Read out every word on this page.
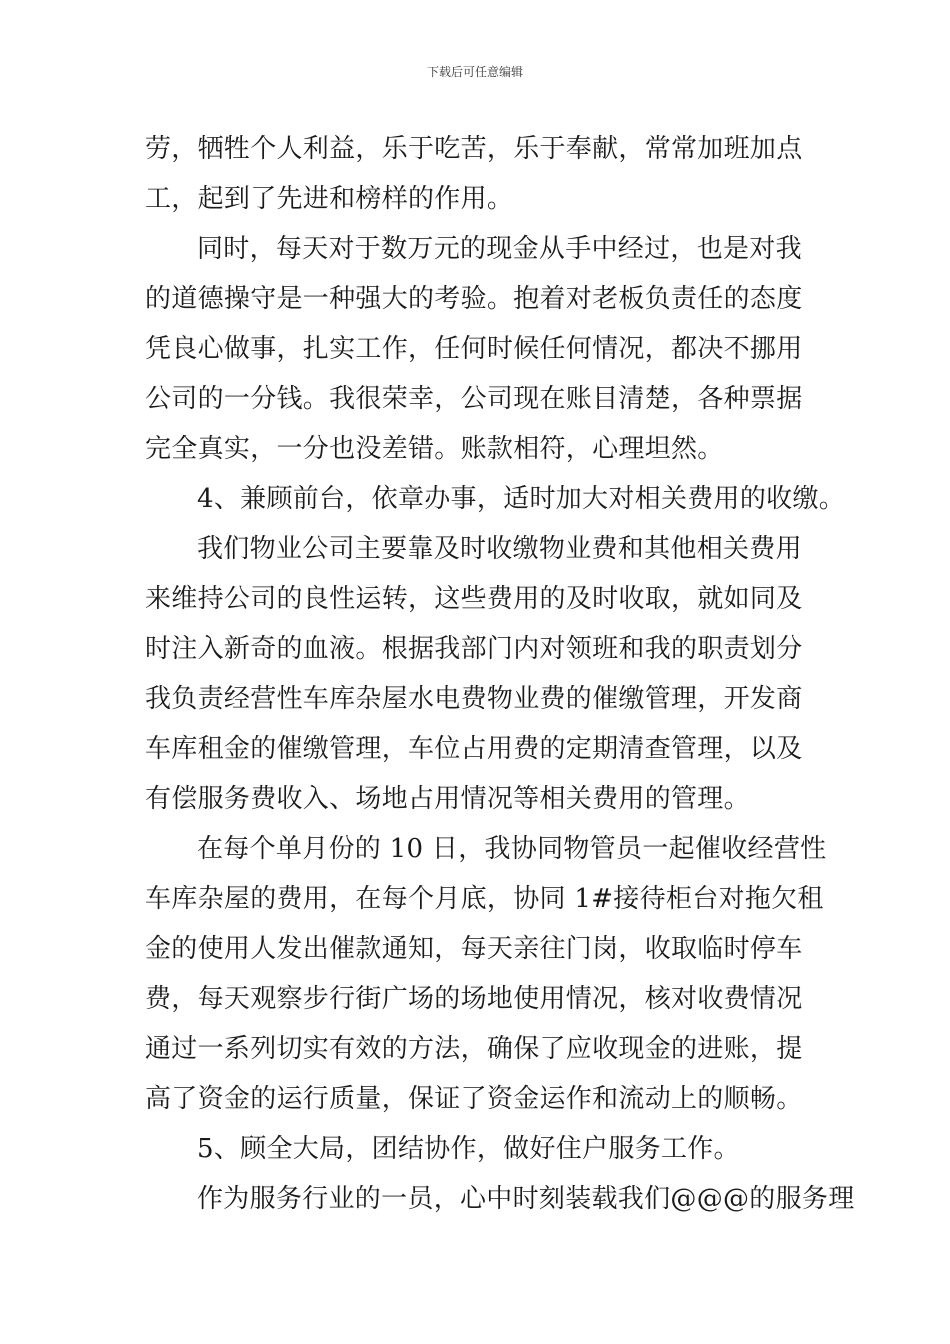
下载后可任意编辑
劳，牺牲个人利益，乐于吃苦，乐于奉献，常常加班加点
工，起到了先进和榜样的作用。
同时，每天对于数万元的现金从手中经过，也是对我
的道德操守是一种强大的考验。抱着对老板负责任的态度
凭良心做事，扎实工作，任何时候任何情况，都决不挪用
公司的一分钱。我很荣幸，公司现在账目清楚，各种票据
完全真实，一分也没差错。账款相符，心理坦然。
4、兼顾前台，依章办事，适时加大对相关费用的收缴。
我们物业公司主要靠及时收缴物业费和其他相关费用
来维持公司的良性运转，这些费用的及时收取，就如同及
时注入新奇的血液。根据我部门内对领班和我的职责划分
我负责经营性车库杂屋水电费物业费的催缴管理，开发商
车库租金的催缴管理，车位占用费的定期清查管理，以及
有偿服务费收入、场地占用情况等相关费用的管理。
在每个单月份的 10 日，我协同物管员一起催收经营性
车库杂屋的费用，在每个月底，协同 1#接待柜台对拖欠租
金的使用人发出催款通知，每天亲往门岗，收取临时停车
费，每天观察步行街广场的场地使用情况，核对收费情况
通过一系列切实有效的方法，确保了应收现金的进账，提
高了资金的运行质量，保证了资金运作和流动上的顺畅。
5、顾全大局，团结协作，做好住户服务工作。
作为服务行业的一员，心中时刻装载我们@@@的服务理
